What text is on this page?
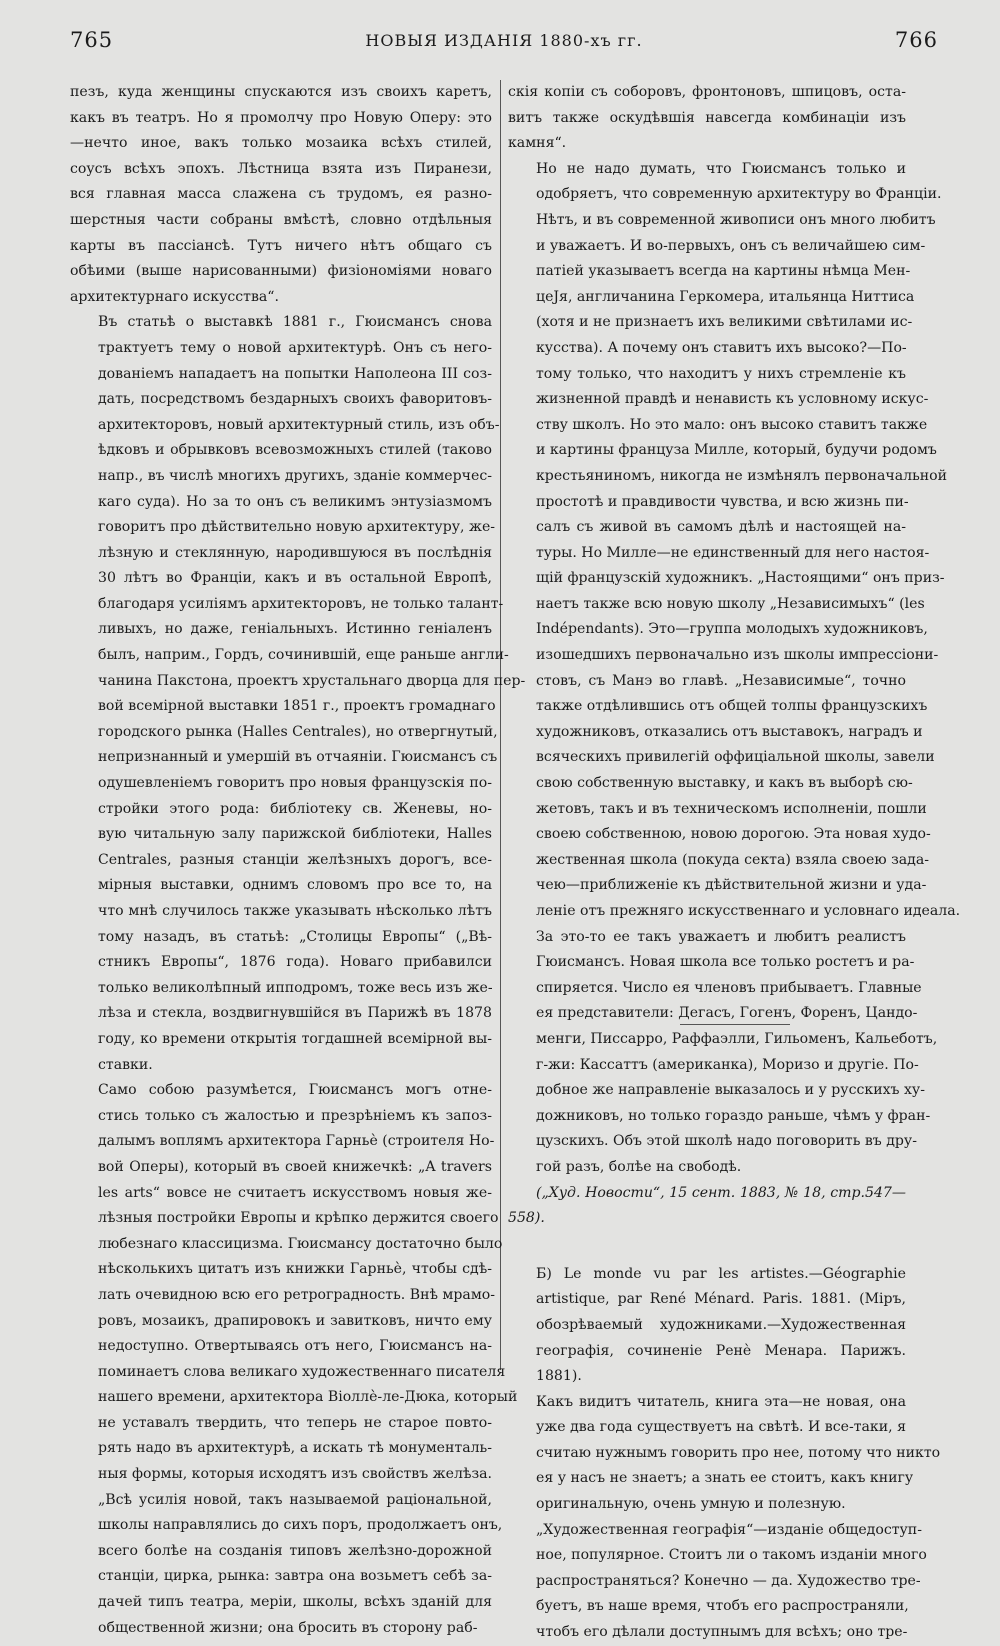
765	НОВЫЯ ИЗДАНІЯ 1880-хъ гг.	766

пезъ, куда женщины спускаются изъ своихъ каретъ,
какъ въ театръ. Но я промолчу про Новую Оперу: это
—нечто иное, вакъ только мозаика всѣхъ стилей,
соусъ всѣхъ эпохъ. Лѣстница взята изъ Пиранези,
вся главная масса слажена съ трудомъ, ея разно-
шерстныя части собраны вмѣстѣ, словно отдѣльныя
карты въ пассіансѣ. Тутъ ничего нѣтъ общаго съ
обѣими (выше нарисованными) физіономіями новаго
архитектурнаго искусства“.

Въ статьѣ о выставкѣ 1881 г., Гюисмансъ снова
трактуетъ тему о новой архитектурѣ. Онъ съ него-
дованіемъ нападаетъ на попытки Наполеона III соз-
дать, посредствомъ бездарныхъ своихъ фаворитовъ-
архитекторовъ, новый архитектурный стиль, изъ объ-
ѣдковъ и обрывковъ всевозможныхъ стилей (таково
напр., въ числѣ многихъ другихъ, зданіе коммерчес-
каго суда). Но за то онъ съ великимъ энтузіазмомъ
говоритъ про дѣйствительно новую архитектуру, же-
лѣзную и стеклянную, народившуюся въ послѣднія
30 лѣтъ во Франціи, какъ и въ остальной Европѣ,
благодаря усиліямъ архитекторовъ, не только талант-
ливыхъ, но даже, геніальныхъ. Истинно геніаленъ
былъ, наприм., Гордъ, сочинившій, еще раньше англи-
чанина Пакстона, проектъ хрустальнаго дворца для пер-
вой всемірной выставки 1851 г., проектъ громаднаго
городского рынка (Halles Centrales), но отвергнутый,
непризнанный и умершій въ отчаяніи. Гюисмансъ съ
одушевленіемъ говоритъ про новыя французскія по-
стройки этого рода: библіотеку св. Женевы, но-
вую читальную залу парижской библіотеки, Halles
Centrales, разныя станціи желѣзныхъ дорогъ, все-
мірныя выставки, однимъ словомъ про все то, на
что мнѣ случилось также указывать нѣсколько лѣтъ
тому назадъ, въ статьѣ: „Столицы Европы“ („Вѣ-
стникъ Европы“, 1876 года). Новаго прибавилси
только великолѣпный ипподромъ, тоже весь изъ же-
лѣза и стекла, воздвигнувшійся въ Парижѣ въ 1878
году, ко времени открытія тогдашней всемірной вы-
ставки.

Само собою разумѣется, Гюисмансъ могъ отне-
стись только съ жалостью и презрѣніемъ къ запоз-
далымъ воплямъ архитектора Гарньѐ (строителя Но-
вой Оперы), который въ своей книжечкѣ: „A travers
les arts“ вовсе не считаетъ искусствомъ новыя же-
лѣзныя постройки Европы и крѣпко держится своего
любезнаго классицизма. Гюисмансу достаточно было
нѣсколькихъ цитатъ изъ книжки Гарньѐ, чтобы сдѣ-
лать очевидною всю его ретроградность. Внѣ мрамо-
ровъ, мозаикъ, драпировокъ и завитковъ, ничто ему
недоступно. Отвертываясь отъ него, Гюисмансъ на-
поминаетъ слова великаго художественнаго писателя
нашего времени, архитектора Віоллѐ-ле-Дюка, который
не уставалъ твердить, что теперь не старое повто-
рять надо въ архитектурѣ, а искать тѣ монументаль-
ныя формы, которыя исходятъ изъ свойствъ желѣза.
„Всѣ усилія новой, такъ называемой раціональной,
школы направлялись до сихъ поръ, продолжаетъ онъ,
всего болѣе на созданія типовъ желѣзно-дорожной
станціи, цирка, рынка: завтра она возьметъ себѣ за-
дачей типъ театра, меріи, школы, всѣхъ зданій для
общественной жизни; она бросить въ сторону раб-

скія копіи съ соборовъ, фронтоновъ, шпицовъ, оста-
витъ также оскудѣвшія навсегда комбинаціи изъ
камня“.

Но не надо думать, что Гюисмансъ только и
одобряетъ, что современную архитектуру во Франціи.
Нѣтъ, и въ современной живописи онъ много любитъ
и уважаетъ. И во-первыхъ, онъ съ величайшею сим-
патіей указываетъ всегда на картины нѣмца Мен-
цеJя, англичанина Геркомера, итальянца Ниттиса
(хотя и не признаетъ ихъ великими свѣтилами ис-
кусства). А почему онъ ставитъ ихъ высоко?—По-
тому только, что находитъ у нихъ стремленіе къ
жизненной правдѣ и ненависть къ условному искус-
ству школъ. Но это мало: онъ высоко ставитъ также
и картины француза Милле, который, будучи родомъ
крестьяниномъ, никогда не измѣнялъ первоначальной
простотѣ и правдивости чувства, и всю жизнь пи-
салъ съ живой въ самомъ дѣлѣ и настоящей на-
туры. Но Милле—не единственный для него настоя-
щій французскій художникъ. „Настоящими“ онъ приз-
наетъ также всю новую школу „Независимыхъ“ (les
Indépendants). Это—группа молодыхъ художниковъ,
изошедшихъ первоначально изъ школы импрессіони-
стовъ, съ Манэ во главѣ. „Независимые“, точно
также отдѣлившись отъ общей толпы французскихъ
художниковъ, отказались отъ выставокъ, наградъ и
всяческихъ привилегій оффиціальной школы, завели
свою собственную выставку, и какъ въ выборѣ сю-
жетовъ, такъ и въ техническомъ исполненіи, пошли
своею собственною, новою дорогою. Эта новая худо-
жественная школа (покуда секта) взяла своею зада-
чею—приближеніе къ дѣйствительной жизни и уда-
леніе отъ прежняго искусственнаго и условнаго идеала.
За это-то ее такъ уважаетъ и любитъ реалистъ
Гюисмансъ. Новая школа все только ростетъ и ра-
спиряется. Число ея членовъ прибываетъ. Главные
ея представители: Дегасъ, Гогенъ, Форенъ, Цандо-
менги, Писсарро, Раффаэлли, Гильоменъ, Кальеботъ,
г-жи: Кассаттъ (американка), Моризо и другіе. По-
добное же направленіе выказалось и у русскихъ ху-
дожниковъ, но только гораздо раньше, чѣмъ у фран-
цузскихъ. Объ этой школѣ надо поговорить въ дру-
гой разъ, болѣе на свободѣ.

(„Худ. Новости“, 15 сент. 1883, № 18, стр.547—558).

Б) Le monde vu par les artistes.—Géographie
artistique, par René Ménard. Paris. 1881. (Міръ,
обозрѣваемый художниками.—Художественная
географія, сочиненіе Ренѐ Менара. Парижъ.
1881).

Какъ видитъ читатель, книга эта—не новая, она
уже два года существуетъ на свѣтѣ. И все-таки, я
считаю нужнымъ говорить про нее, потому что никто
ея у насъ не знаетъ; а знать ее стоитъ, какъ книгу
оригинальную, очень умную и полезную.

„Художественная географія“—изданіе общедоступ-
ное, популярное. Стоитъ ли о такомъ изданіи много
распространяться? Конечно — да. Художество тре-
буетъ, въ наше время, чтобъ его распространяли,
чтобъ его дѣлали доступнымъ для всѣхъ; оно тре-
